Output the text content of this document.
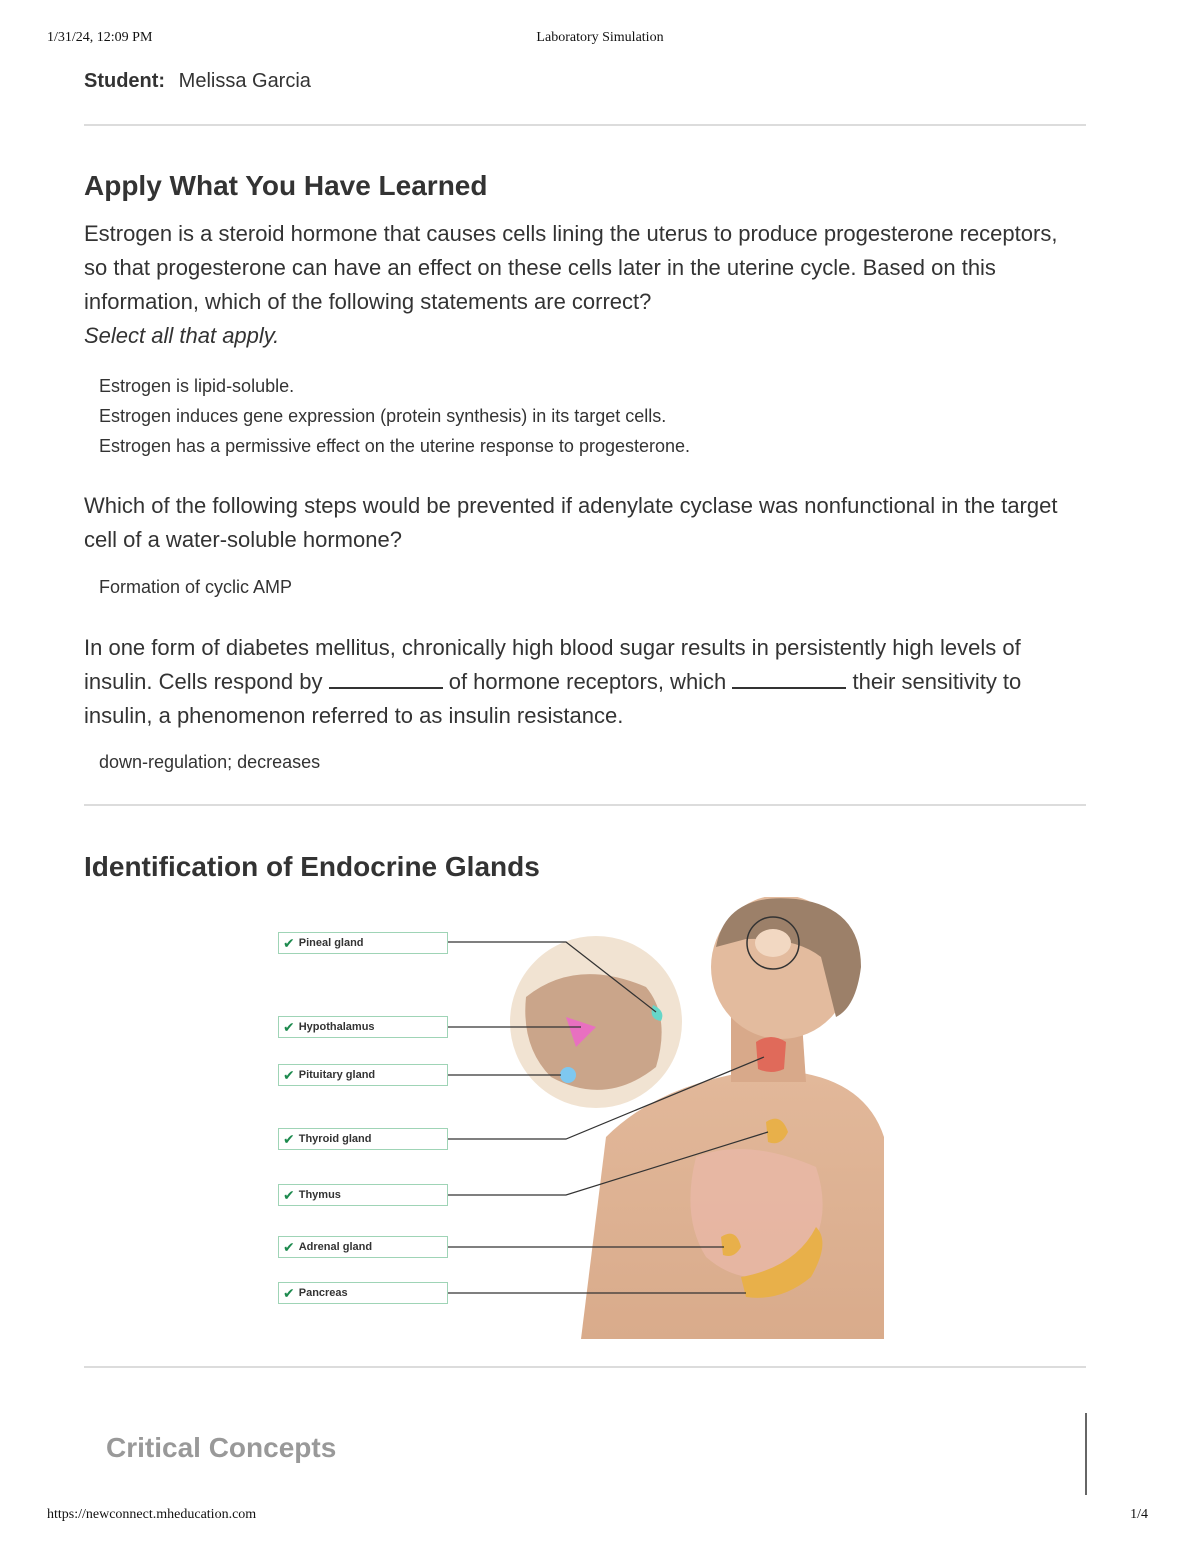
1/31/24, 12:09 PM	Laboratory Simulation
Student: Melissa Garcia
Apply What You Have Learned

Estrogen is a steroid hormone that causes cells lining the uterus to produce progesterone receptors, so that progesterone can have an effect on these cells later in the uterine cycle. Based on this information, which of the following statements are correct?
Select all that apply.

Estrogen is lipid-soluble.
Estrogen induces gene expression (protein synthesis) in its target cells.
Estrogen has a permissive effect on the uterine response to progesterone.

Which of the following steps would be prevented if adenylate cyclase was nonfunctional in the target cell of a water-soluble hormone?

Formation of cyclic AMP

In one form of diabetes mellitus, chronically high blood sugar results in persistently high levels of insulin. Cells respond by	of hormone receptors, which	their sensitivity to insulin, a phenomenon referred to as insulin resistance.

down-regulation; decreases
Identification of Endocrine Glands
Critical Concepts
✔ Pineal gland
✔ Hypothalamus
✔ Pituitary gland
✔ Thyroid gland
✔ Thymus
✔ Adrenal gland
✔ Pancreas
https://newconnect.mheducation.com	1/4
